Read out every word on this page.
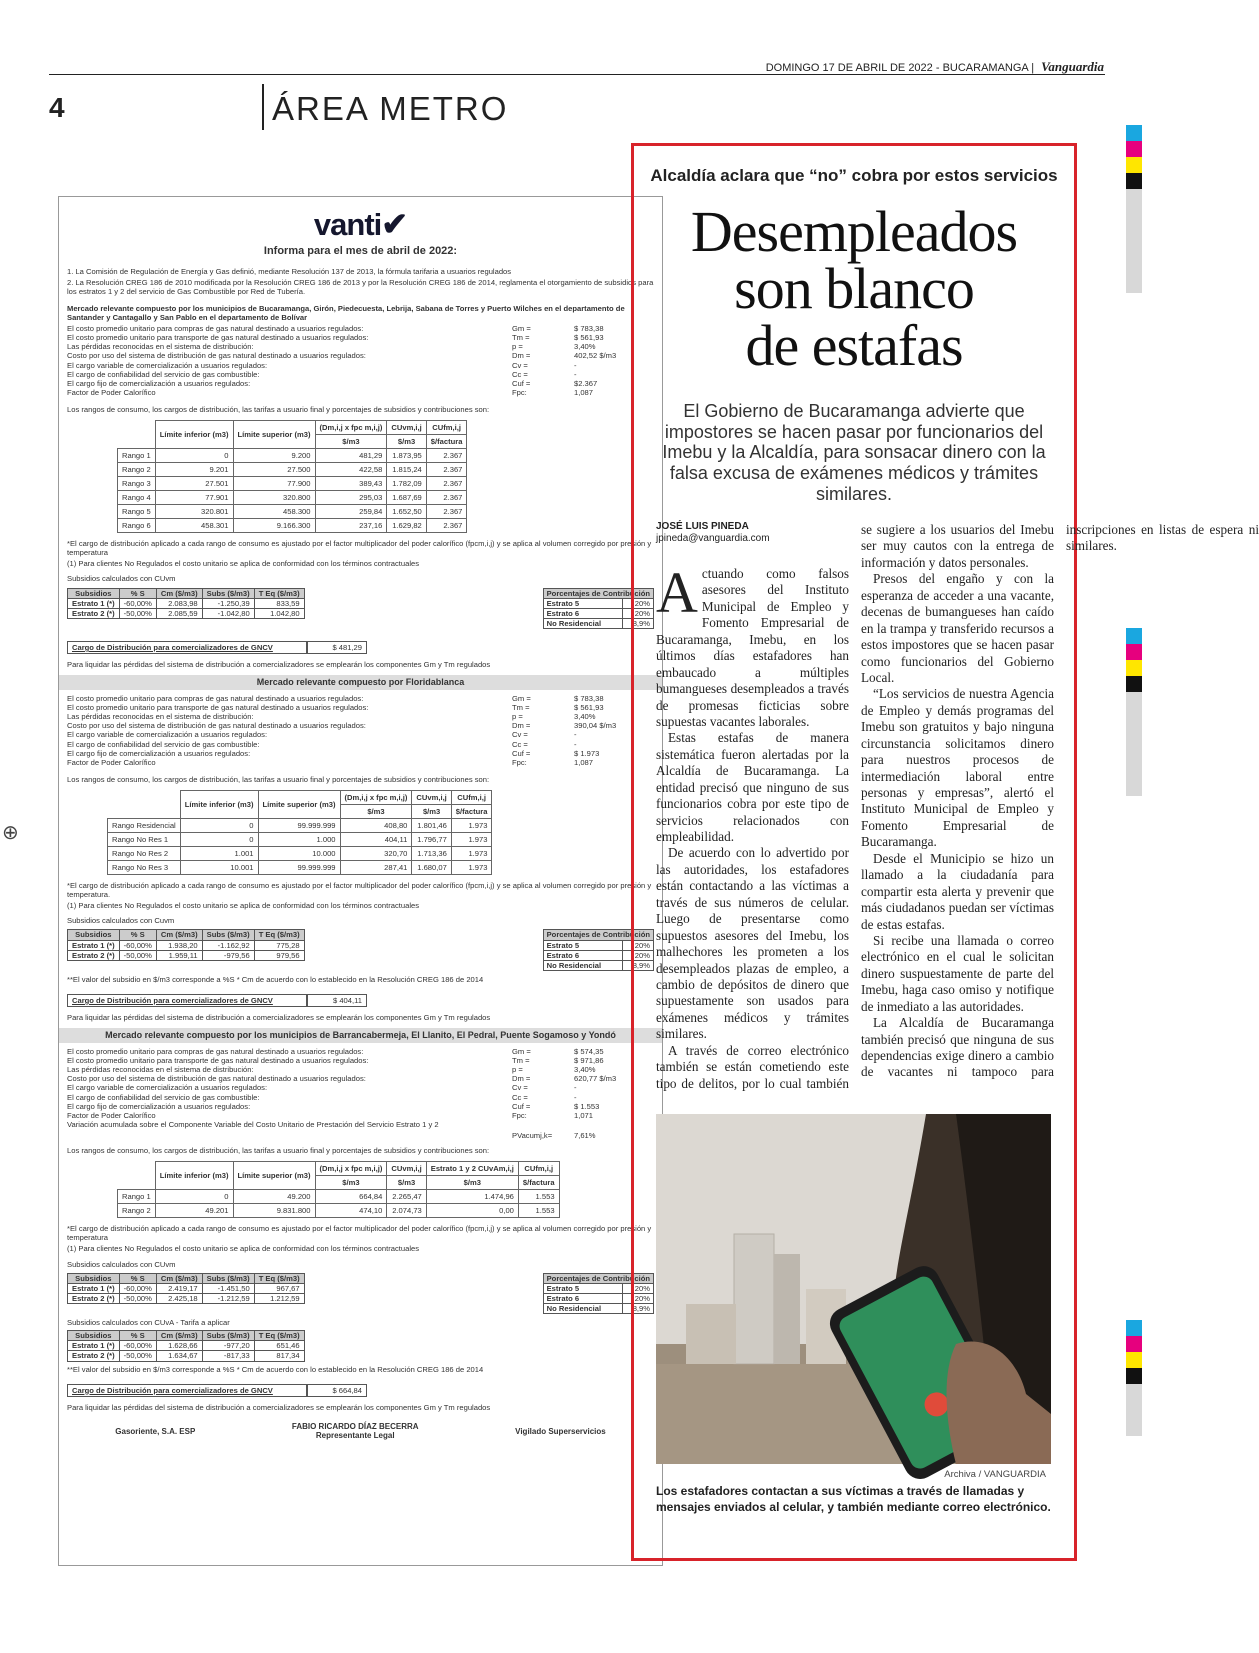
DOMINGO 17 DE ABRIL DE 2022 - BUCARAMANGA | Vanguardia
4	ÁREA METRO
⊕
vanti✔
Informa para el mes de abril de 2022:

1. La Comisión de Regulación de Energía y Gas definió, mediante Resolución 137 de 2013, la fórmula tarifaria a usuarios regulados

2. La Resolución CREG 186 de 2010 modificada por la Resolución CREG 186 de 2013 y por la Resolución CREG 186 de 2014, reglamenta el otorgamiento de subsidios para los estratos 1 y 2 del servicio de Gas Combustible por Red de Tubería.

Mercado relevante compuesto por los municipios de Bucaramanga, Girón, Piedecuesta, Lebrija, Sabana de Torres y Puerto Wilches en el departamento de Santander y Cantagallo y San Pablo en el departamento de Bolívar

El costo promedio unitario para compras de gas natural destinado a usuarios regulados:	Gm =	$ 783,38
El costo promedio unitario para transporte de gas natural destinado a usuarios regulados:	Tm =	$ 561,93
Las pérdidas reconocidas en el sistema de distribución:	p =	3,40%
Costo por uso del sistema de distribución de gas natural destinado a usuarios regulados:	Dm =	402,52 $/m3
El cargo variable de comercialización a usuarios regulados:	Cv =	-
El cargo de confiabilidad del servicio de gas combustible:	Cc =	-
El cargo fijo de comercialización a usuarios regulados:	Cuf =	$2.367
Factor de Poder Calorífico	Fpc:	1,087

Los rangos de consumo, los cargos de distribución, las tarifas a usuario final y porcentajes de subsidios y contribuciones son:

	Límite inferior (m3)	Límite superior (m3)	(Dm,i,j x fpc m,i,j)	CUvm,i,j	CUfm,i,j
			$/m3	$/m3	$/factura
Rango 1	0	9.200	481,29	1.873,95	2.367
Rango 2	9.201	27.500	422,58	1.815,24	2.367
Rango 3	27.501	77.900	389,43	1.782,09	2.367
Rango 4	77.901	320.800	295,03	1.687,69	2.367
Rango 5	320.801	458.300	259,84	1.652,50	2.367
Rango 6	458.301	9.166.300	237,16	1.629,82	2.367

*El cargo de distribución aplicado a cada rango de consumo es ajustado por el factor multiplicador del poder calorífico (fpcm,i,j) y se aplica al volumen corregido por presión y temperatura

(1) Para clientes No Regulados el costo unitario se aplica de conformidad con los términos contractuales

Subsidios calculados con CUvm

Subsidios	% S	Cm ($/m3)	Subs ($/m3)	T Eq ($/m3)
Estrato 1 (*)	-60,00%	2.083,98	-1.250,39	833,59
Estrato 2 (*)	-50,00%	2.085,59	-1.042,80	1.042,80
Porcentajes de Contribución	
Estrato 5	20%
Estrato 6	20%
No Residencial	8,9%
Cargo de Distribución para comercializadores de GNCV	$ 481,29

Para liquidar las pérdidas del sistema de distribución a comercializadores se emplearán los componentes Gm y Tm regulados

Mercado relevante compuesto por Floridablanca
El costo promedio unitario para compras de gas natural destinado a usuarios regulados:	Gm =	$ 783,38
El costo promedio unitario para transporte de gas natural destinado a usuarios regulados:	Tm =	$ 561,93
Las pérdidas reconocidas en el sistema de distribución:	p =	3,40%
Costo por uso del sistema de distribución de gas natural destinado a usuarios regulados:	Dm =	390,04 $/m3
El cargo variable de comercialización a usuarios regulados:	Cv =	-
El cargo de confiabilidad del servicio de gas combustible:	Cc =	-
El cargo fijo de comercialización a usuarios regulados:	Cuf =	$ 1.973
Factor de Poder Calorífico	Fpc:	1,087

Los rangos de consumo, los cargos de distribución, las tarifas a usuario final y porcentajes de subsidios y contribuciones son:

	Límite inferior (m3)	Límite superior (m3)	(Dm,i,j x fpc m,i,j)	CUvm,i,j	CUfm,i,j
			$/m3	$/m3	$/factura
Rango Residencial	0	99.999.999	408,80	1.801,46	1.973
Rango No Res 1	0	1.000	404,11	1.796,77	1.973
Rango No Res 2	1.001	10.000	320,70	1.713,36	1.973
Rango No Res 3	10.001	99.999.999	287,41	1.680,07	1.973

*El cargo de distribución aplicado a cada rango de consumo es ajustado por el factor multiplicador del poder calorífico (fpcm,i,j) y se aplica al volumen corregido por presión y temperatura.

(1) Para clientes No Regulados el costo unitario se aplica de conformidad con los términos contractuales

Subsidios calculados con Cuvm

Subsidios	% S	Cm ($/m3)	Subs ($/m3)	T Eq ($/m3)
Estrato 1 (*)	-60,00%	1.938,20	-1.162,92	775,28
Estrato 2 (*)	-50,00%	1.959,11	-979,56	979,56
Porcentajes de Contribución	
Estrato 5	20%
Estrato 6	20%
No Residencial	8,9%

**El valor del subsidio en $/m3 corresponde a %S * Cm de acuerdo con lo establecido en la Resolución CREG 186 de 2014

Cargo de Distribución para comercializadores de GNCV	$ 404,11

Para liquidar las pérdidas del sistema de distribución a comercializadores se emplearán los componentes Gm y Tm regulados

Mercado relevante compuesto por los municipios de Barrancabermeja, El Llanito, El Pedral, Puente Sogamoso y Yondó
El costo promedio unitario para compras de gas natural destinado a usuarios regulados:	Gm =	$ 574,35
El costo promedio unitario para transporte de gas natural destinado a usuarios regulados:	Tm =	$ 971,86
Las pérdidas reconocidas en el sistema de distribución:	p =	3,40%
Costo por uso del sistema de distribución de gas natural destinado a usuarios regulados:	Dm =	620,77 $/m3
El cargo variable de comercialización a usuarios regulados:	Cv =	-
El cargo de confiabilidad del servicio de gas combustible:	Cc =	-
El cargo fijo de comercialización a usuarios regulados:	Cuf =	$ 1.553
Factor de Poder Calorífico	Fpc:	1,071

Variación acumulada sobre el Componente Variable del Costo Unitario de Prestación del Servicio Estrato 1 y 2

PVacumj,k=	7,61%

Los rangos de consumo, los cargos de distribución, las tarifas a usuario final y porcentajes de subsidios y contribuciones son:

	Límite inferior (m3)	Límite superior (m3)	(Dm,i,j x fpc m,i,j)	CUvm,i,j	Estrato 1 y 2 CUvAm,i,j	CUfm,i,j
			$/m3	$/m3	$/m3	$/factura
Rango 1	0	49.200	664,84	2.265,47	1.474,96	1.553
Rango 2	49.201	9.831.800	474,10	2.074,73	0,00	1.553

*El cargo de distribución aplicado a cada rango de consumo es ajustado por el factor multiplicador del poder calorífico (fpcm,i,j) y se aplica al volumen corregido por presión y temperatura

(1) Para clientes No Regulados el costo unitario se aplica de conformidad con los términos contractuales

Subsidios calculados con CUvm

Subsidios	% S	Cm ($/m3)	Subs ($/m3)	T Eq ($/m3)
Estrato 1 (*)	-60,00%	2.419,17	-1.451,50	967,67
Estrato 2 (*)	-50,00%	2.425,18	-1.212,59	1.212,59
Porcentajes de Contribución	
Estrato 5	20%
Estrato 6	20%
No Residencial	8,9%

Subsidios calculados con CUvA - Tarifa a aplicar

Subsidios	% S	Cm ($/m3)	Subs ($/m3)	T Eq ($/m3)
Estrato 1 (*)	-60,00%	1.628,66	-977,20	651,46
Estrato 2 (*)	-50,00%	1.634,67	-817,33	817,34

**El valor del subsidio en $/m3 corresponde a %S * Cm de acuerdo con lo establecido en la Resolución CREG 186 de 2014

Cargo de Distribución para comercializadores de GNCV	$ 664,84

Para liquidar las pérdidas del sistema de distribución a comercializadores se emplearán los componentes Gm y Tm regulados

Gasoriente, S.A. ESP
FABIO RICARDO DÍAZ BECERRA
Representante Legal
Vigilado Superservicios
Alcaldía aclara que “no” cobra por estos servicios
Desempleados
son blanco
de estafas
El Gobierno de Bucaramanga advierte que impostores se hacen pasar por funcionarios del Imebu y la Alcaldía, para sonsacar dinero con la falsa excusa de exámenes médicos y trámites similares.
JOSÉ LUIS PINEDA
jpineda@vanguardia.com

Actuando como falsos asesores del Instituto Municipal de Empleo y Fomento Empresarial de Bucaramanga, Imebu, en los últimos días estafadores han embaucado a múltiples bumangueses desempleados a través de promesas ficticias sobre supuestas vacantes laborales.

Estas estafas de manera sistemática fueron alertadas por la Alcaldía de Bucaramanga. La entidad precisó que ninguno de sus funcionarios cobra por este tipo de servicios relacionados con empleabilidad.

De acuerdo con lo advertido por las autoridades, los estafadores están contactando a las víctimas a través de sus números de celular. Luego de presentarse como supuestos asesores del Imebu, los malhechores les prometen a los desempleados plazas de empleo, a cambio de depósitos de dinero que supuestamente son usados para exámenes médicos y trámites similares.

A través de correo electrónico también se están cometiendo este tipo de delitos, por lo cual también se sugiere a los usuarios del Imebu ser muy cautos con la entrega de información y datos personales.

Presos del engaño y con la esperanza de acceder a una vacante, decenas de bumangueses han caído en la trampa y transferido recursos a estos impostores que se hacen pasar como funcionarios del Gobierno Local.

“Los servicios de nuestra Agencia de Empleo y demás programas del Imebu son gratuitos y bajo ninguna circunstancia solicitamos dinero para nuestros procesos de intermediación laboral entre personas y empresas”, alertó el Instituto Municipal de Empleo y Fomento Empresarial de Bucaramanga.

Desde el Municipio se hizo un llamado a la ciudadanía para compartir esta alerta y prevenir que más ciudadanos puedan ser víctimas de estas estafas.

Si recibe una llamada o correo electrónico en el cual le solicitan dinero suspuestamente de parte del Imebu, haga caso omiso y notifique de inmediato a las autoridades.

La Alcaldía de Bucaramanga también precisó que ninguna de sus dependencias exige dinero a cambio de vacantes ni tampoco para inscripciones en listas de espera ni similares.

Archiva / VANGUARDIA
Los estafadores contactan a sus víctimas a través de llamadas y mensajes enviados al celular, y también mediante correo electrónico.
